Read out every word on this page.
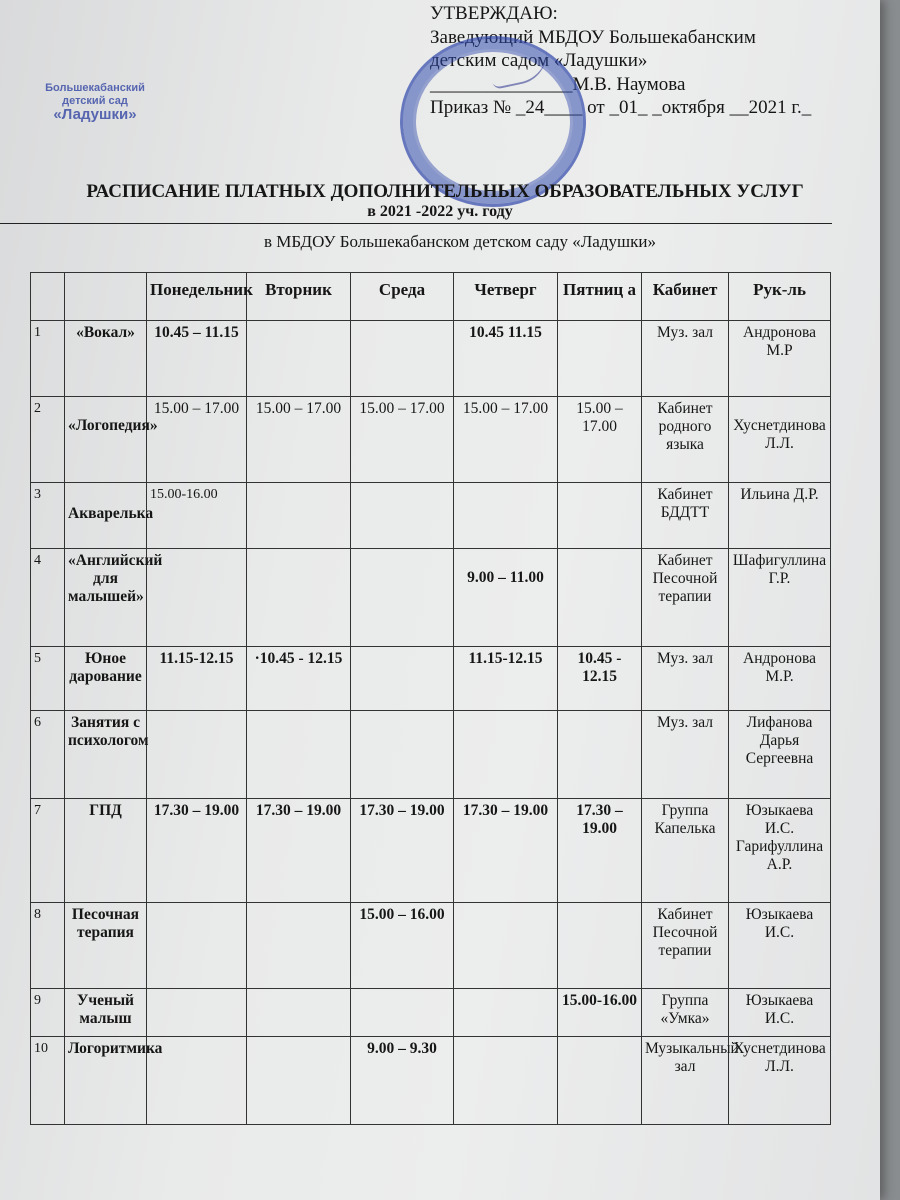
УТВЕРЖДАЮ:
Заведующий МБДОУ Большекабанским
детским садом «Ладушки»
_______________М.В. Наумова
Приказ № _24____ от _01_ _октября __2021 г._
Большекабанский
детский сад
«Ладушки»
РАСПИСАНИЕ ПЛАТНЫХ ДОПОЛНИТЕЛЬНЫХ ОБРАЗОВАТЕЛЬНЫХ УСЛУГ
в 2021 -2022 уч. году
в МБДОУ Большекабанском детском саду «Ладушки»
		Понедельник	Вторник	Среда	Четверг	Пятниц а	Кабинет	Рук-ль
1	«Вокал»	10.45 – 11.15			10.45 11.15		Муз. зал	Андронова М.Р
2	«Логопедия»	15.00 – 17.00	15.00 – 17.00	15.00 – 17.00	15.00 – 17.00	15.00 – 17.00	Кабинет родного языка	Хуснетдинова Л.Л.
3	Акварелька	15.00-16.00					Кабинет БДДТТ	Ильина Д.Р.
4	«Английский для малышей»				9.00 – 11.00		Кабинет Песочной терапии	Шафигуллина Г.Р.
5	Юное дарование	11.15-12.15	·10.45 - 12.15		11.15-12.15	10.45 - 12.15	Муз. зал	Андронова М.Р.
6	Занятия с психологом						Муз. зал	Лифанова Дарья Сергеевна
7	ГПД	17.30 – 19.00	17.30 – 19.00	17.30 – 19.00	17.30 – 19.00	17.30 – 19.00	Группа Капелька	Юзыкаева И.С. Гарифуллина А.Р.
8	Песочная терапия			15.00 – 16.00			Кабинет Песочной терапии	Юзыкаева И.С.
9	Ученый малыш					15.00-16.00	Группа «Умка»	Юзыкаева И.С.
10	Логоритмика			9.00 – 9.30			Музыкальный зал	Хуснетдинова Л.Л.
